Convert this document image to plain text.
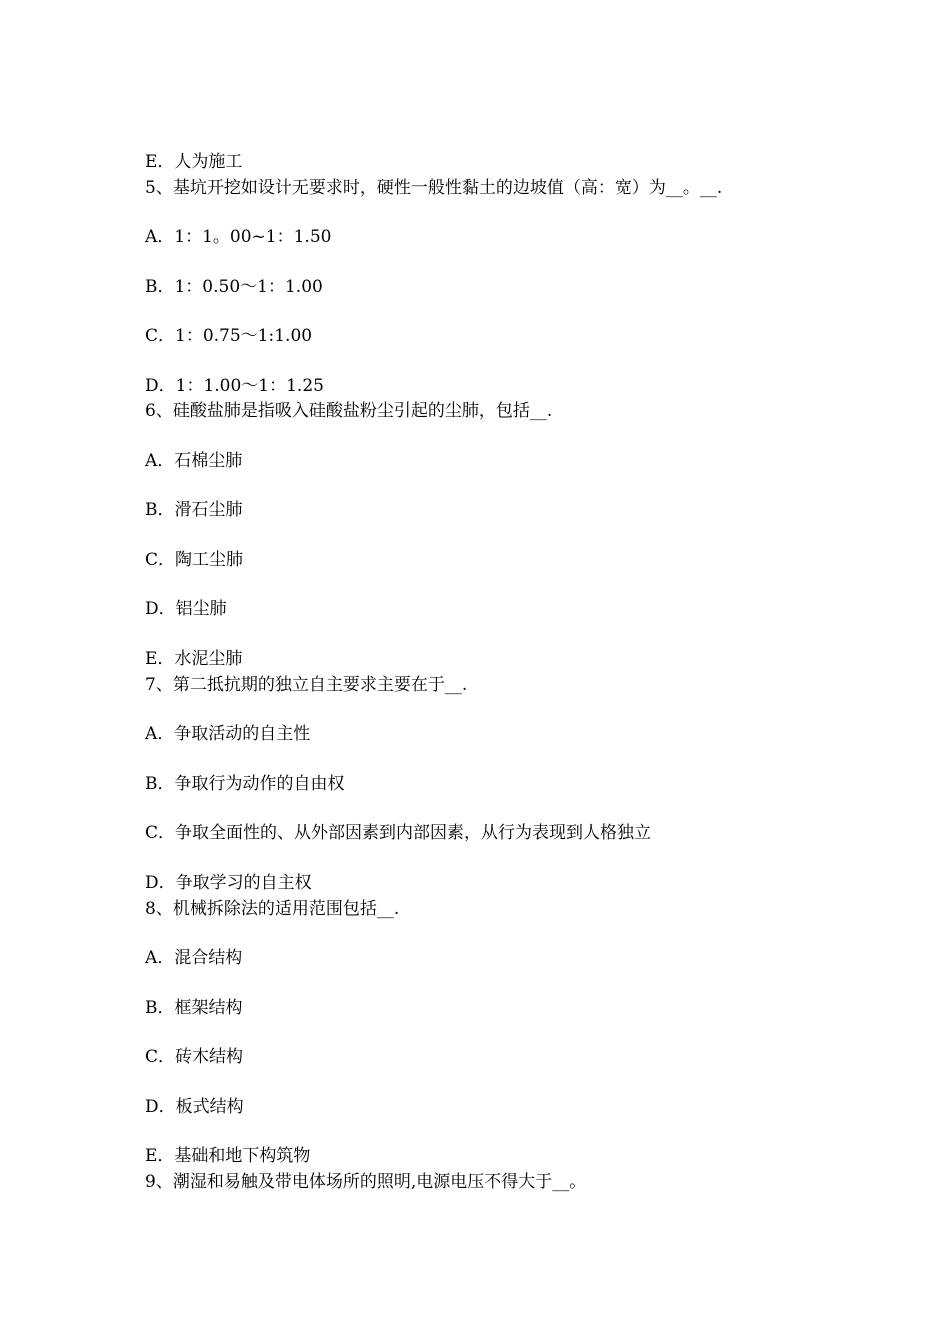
E．人为施工
5、基坑开挖如设计无要求时，硬性一般性黏土的边坡值（高：宽）为__。__.
A．1：1。00~1：1.50
B．1：0.50～1：1.00
C．1：0.75～1:1.00
D．1：1.00～1：1.25
6、硅酸盐肺是指吸入硅酸盐粉尘引起的尘肺，包括__.
A．石棉尘肺
B．滑石尘肺
C．陶工尘肺
D．铝尘肺
E．水泥尘肺
7、第二抵抗期的独立自主要求主要在于__.
A．争取活动的自主性
B．争取行为动作的自由权
C．争取全面性的、从外部因素到内部因素，从行为表现到人格独立
D．争取学习的自主权
8、机械拆除法的适用范围包括__.
A．混合结构
B．框架结构
C．砖木结构
D．板式结构
E．基础和地下构筑物
9、潮湿和易触及带电体场所的照明,电源电压不得大于__。
